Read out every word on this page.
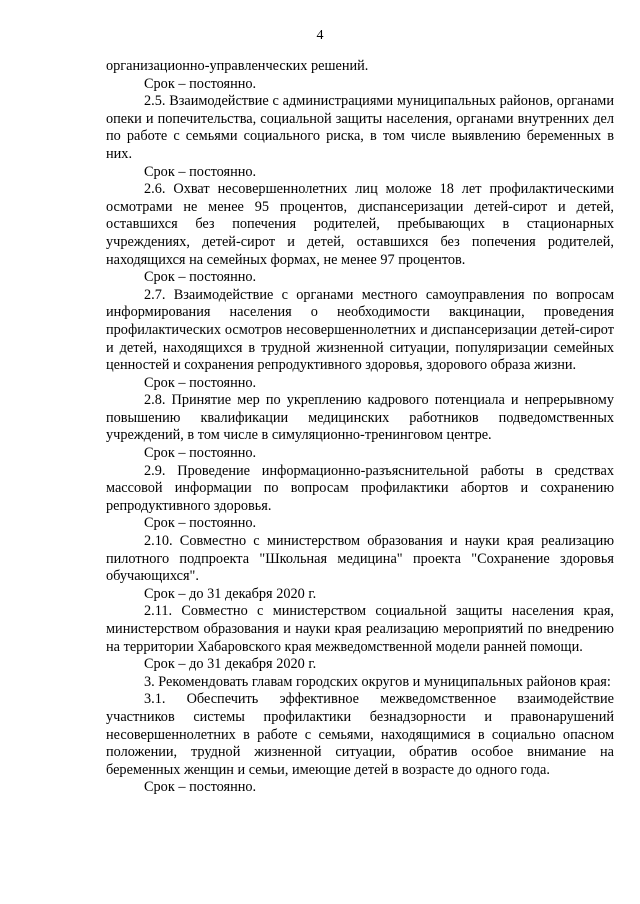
4

организационно-управленческих решений.

Срок – постоянно.

2.5. Взаимодействие с администрациями муниципальных районов, органами опеки и попечительства, социальной защиты населения, органами внутренних дел по работе с семьями социального риска, в том числе выявлению беременных в них.

Срок – постоянно.

2.6. Охват несовершеннолетних лиц моложе 18 лет профилактическими осмотрами не менее 95 процентов, диспансеризации детей-сирот и детей, оставшихся без попечения родителей, пребывающих в стационарных учреждениях, детей-сирот и детей, оставшихся без попечения родителей, находящихся на семейных формах, не менее 97 процентов.

Срок – постоянно.

2.7. Взаимодействие с органами местного самоуправления по вопросам информирования населения о необходимости вакцинации, проведения профилактических осмотров несовершеннолетних и диспансеризации детей-сирот и детей, находящихся в трудной жизненной ситуации, популяризации семейных ценностей и сохранения репродуктивного здоровья, здорового образа жизни.

Срок – постоянно.

2.8. Принятие мер по укреплению кадрового потенциала и непрерывному повышению квалификации медицинских работников подведомственных учреждений, в том числе в симуляционно-тренинговом центре.

Срок – постоянно.

2.9. Проведение информационно-разъяснительной работы в средствах массовой информации по вопросам профилактики абортов и сохранению репродуктивного здоровья.

Срок – постоянно.

2.10. Совместно с министерством образования и науки края реализацию пилотного подпроекта "Школьная медицина" проекта "Сохранение здоровья обучающихся".

Срок – до 31 декабря 2020 г.

2.11. Совместно с министерством социальной защиты населения края, министерством образования и науки края реализацию мероприятий по внедрению на территории Хабаровского края межведомственной модели ранней помощи.

Срок – до 31 декабря 2020 г.

3. Рекомендовать главам городских округов и муниципальных районов края:

3.1. Обеспечить эффективное межведомственное взаимодействие участников системы профилактики безнадзорности и правонарушений несовершеннолетних в работе с семьями, находящимися в социально опасном положении, трудной жизненной ситуации, обратив особое внимание на беременных женщин и семьи, имеющие детей в возрасте до одного года.

Срок – постоянно.
